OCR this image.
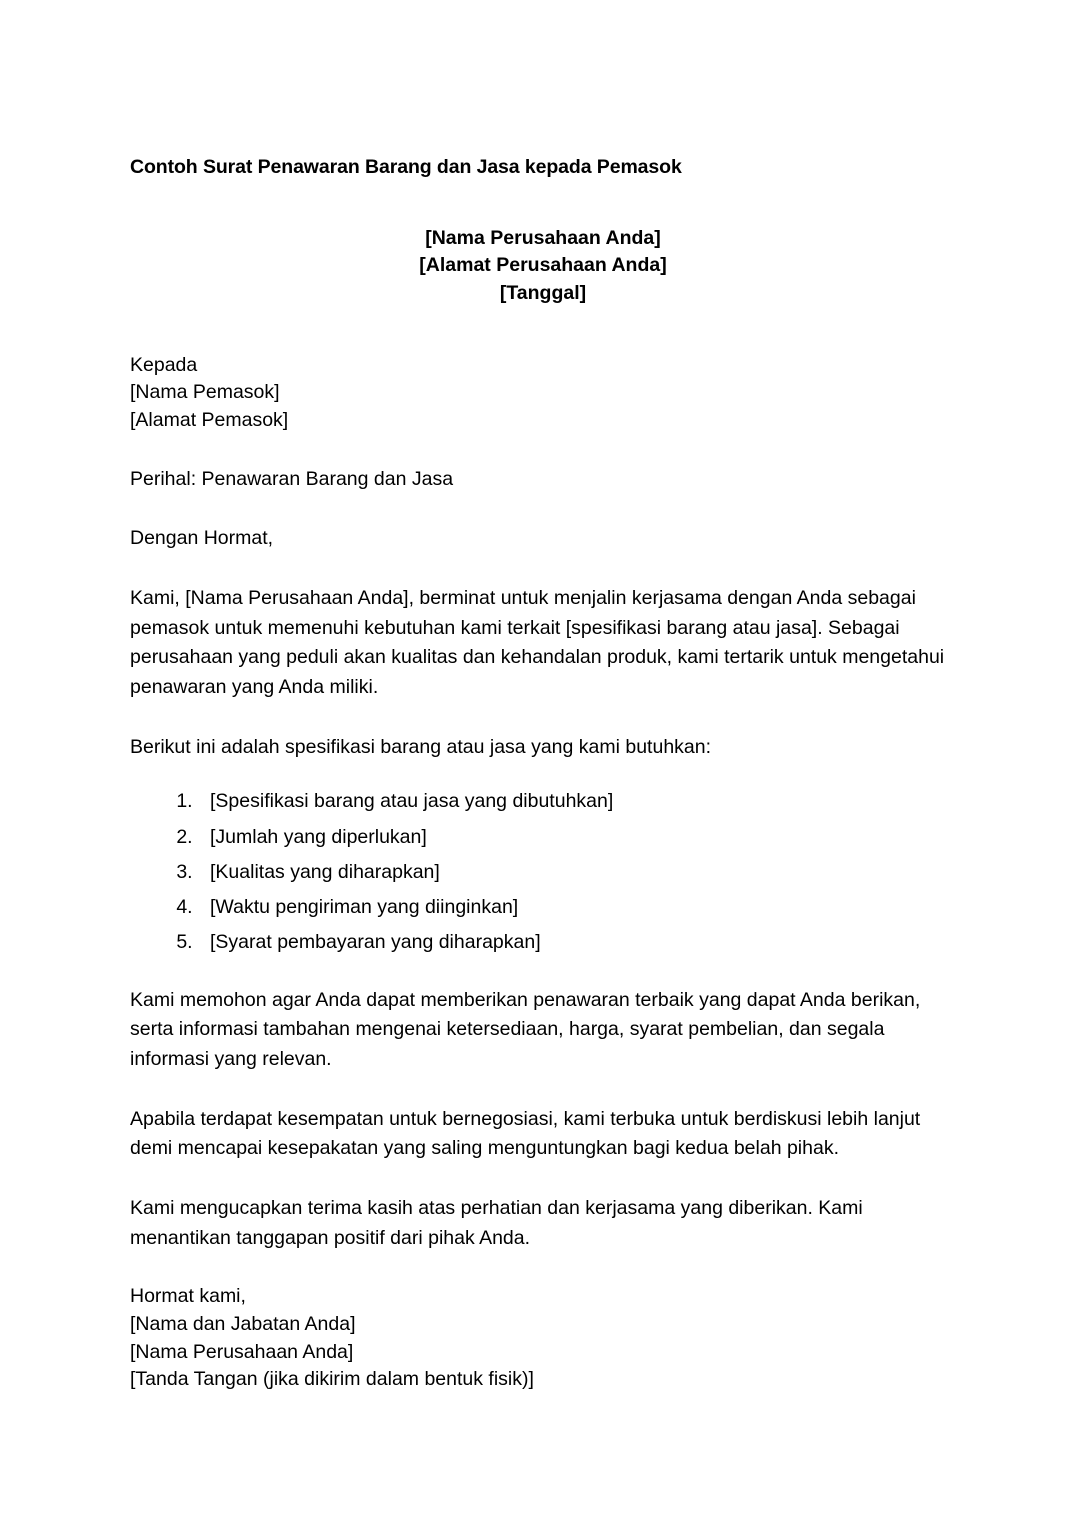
Contoh Surat Penawaran Barang dan Jasa kepada Pemasok
[Nama Perusahaan Anda]
[Alamat Perusahaan Anda]
[Tanggal]
Kepada
[Nama Pemasok]
[Alamat Pemasok]

Perihal: Penawaran Barang dan Jasa

Dengan Hormat,

Kami, [Nama Perusahaan Anda], berminat untuk menjalin kerjasama dengan Anda sebagai pemasok untuk memenuhi kebutuhan kami terkait [spesifikasi barang atau jasa]. Sebagai perusahaan yang peduli akan kualitas dan kehandalan produk, kami tertarik untuk mengetahui penawaran yang Anda miliki.

Berikut ini adalah spesifikasi barang atau jasa yang kami butuhkan:

1. [Spesifikasi barang atau jasa yang dibutuhkan]
2. [Jumlah yang diperlukan]
3. [Kualitas yang diharapkan]
4. [Waktu pengiriman yang diinginkan]
5. [Syarat pembayaran yang diharapkan]

Kami memohon agar Anda dapat memberikan penawaran terbaik yang dapat Anda berikan, serta informasi tambahan mengenai ketersediaan, harga, syarat pembelian, dan segala informasi yang relevan.

Apabila terdapat kesempatan untuk bernegosiasi, kami terbuka untuk berdiskusi lebih lanjut demi mencapai kesepakatan yang saling menguntungkan bagi kedua belah pihak.

Kami mengucapkan terima kasih atas perhatian dan kerjasama yang diberikan. Kami menantikan tanggapan positif dari pihak Anda.

Hormat kami,
[Nama dan Jabatan Anda]
[Nama Perusahaan Anda]
[Tanda Tangan (jika dikirim dalam bentuk fisik)]
